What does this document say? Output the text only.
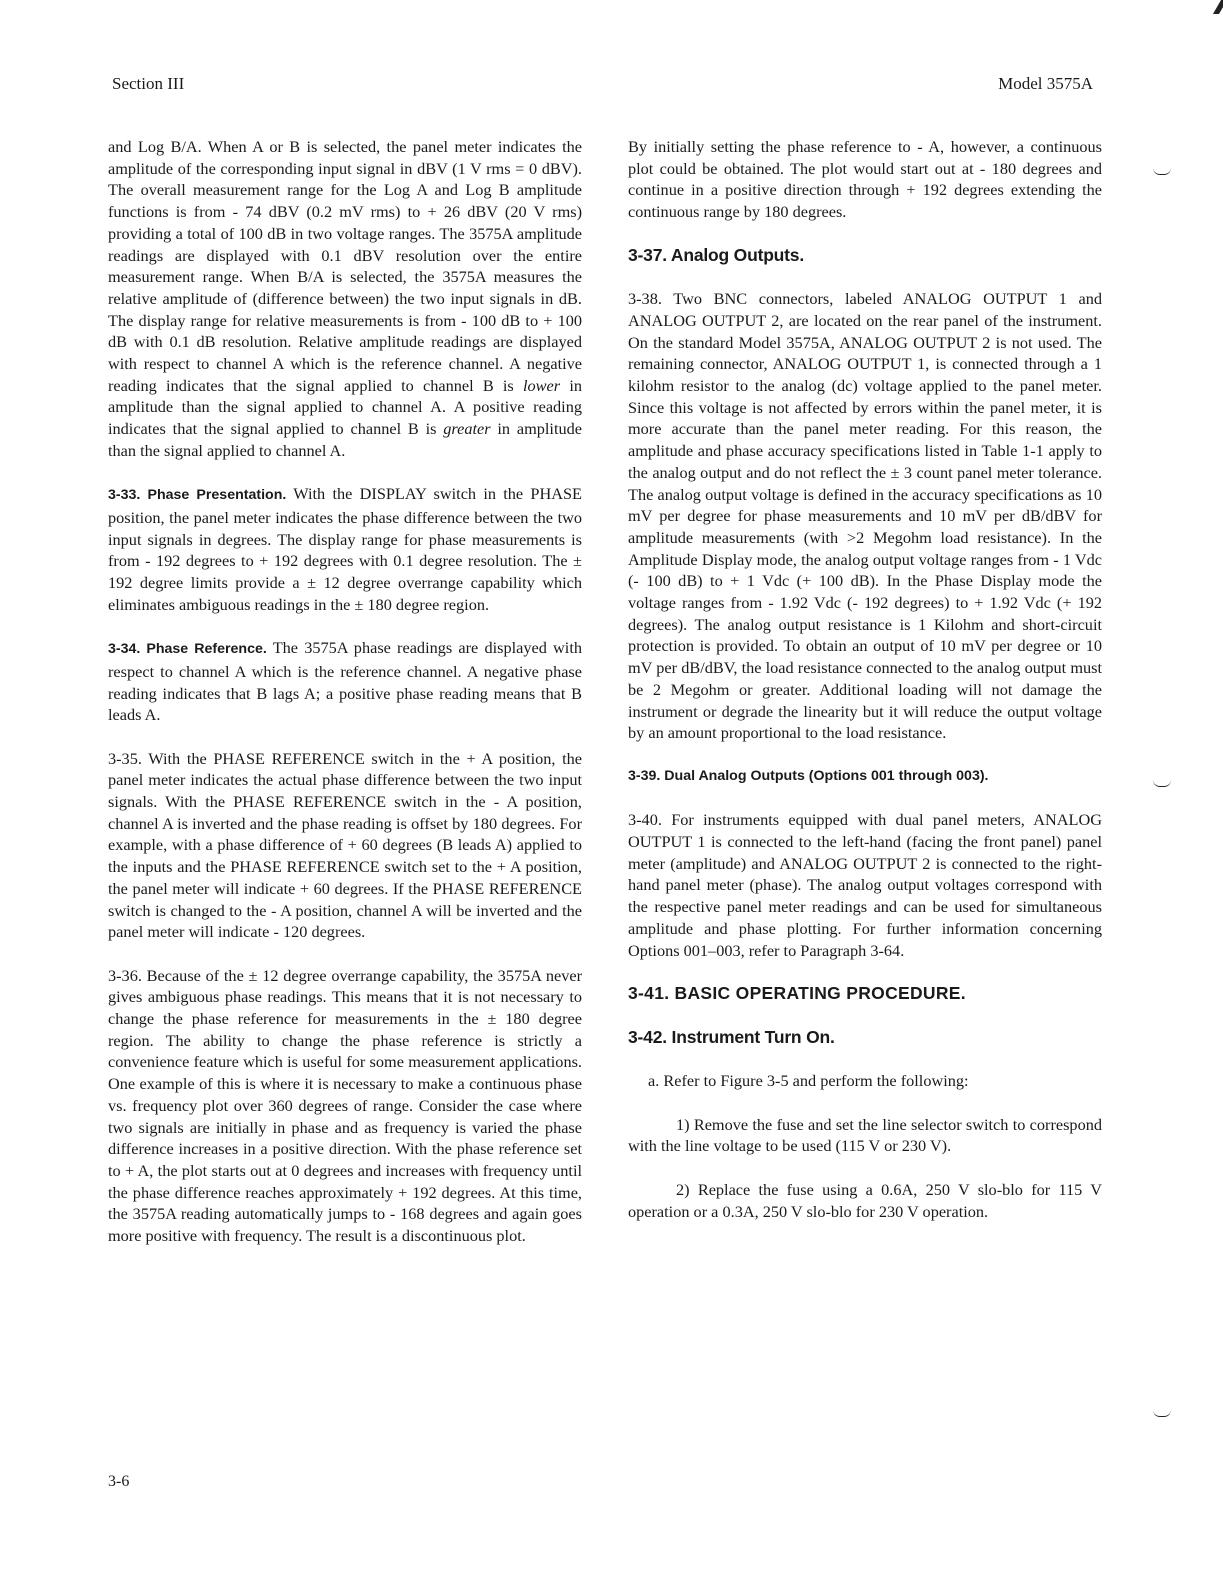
Section III	Model 3575A

and Log B/A. When A or B is selected, the panel meter indicates the amplitude of the corresponding input signal in dBV (1 V rms = 0 dBV). The overall measurement range for the Log A and Log B amplitude functions is from - 74 dBV (0.2 mV rms) to + 26 dBV (20 V rms) providing a total of 100 dB in two voltage ranges. The 3575A amplitude readings are displayed with 0.1 dBV resolution over the entire measurement range. When B/A is selected, the 3575A measures the relative amplitude of (difference between) the two input signals in dB. The display range for relative measurements is from - 100 dB to + 100 dB with 0.1 dB resolution. Relative amplitude readings are displayed with respect to channel A which is the reference channel. A negative reading indicates that the signal applied to channel B is lower in amplitude than the signal applied to channel A. A positive reading indicates that the signal applied to channel B is greater in amplitude than the signal applied to channel A.

3-33. Phase Presentation. With the DISPLAY switch in the PHASE position, the panel meter indicates the phase difference between the two input signals in degrees. The display range for phase measurements is from - 192 degrees to + 192 degrees with 0.1 degree resolution. The ± 192 degree limits provide a ± 12 degree overrange capability which eliminates ambiguous readings in the ± 180 degree region.

3-34. Phase Reference. The 3575A phase readings are displayed with respect to channel A which is the reference channel. A negative phase reading indicates that B lags A; a positive phase reading means that B leads A.

3-35. With the PHASE REFERENCE switch in the + A position, the panel meter indicates the actual phase difference between the two input signals. With the PHASE REFERENCE switch in the - A position, channel A is inverted and the phase reading is offset by 180 degrees. For example, with a phase difference of + 60 degrees (B leads A) applied to the inputs and the PHASE REFERENCE switch set to the + A position, the panel meter will indicate + 60 degrees. If the PHASE REFERENCE switch is changed to the - A position, channel A will be inverted and the panel meter will indicate - 120 degrees.

3-36. Because of the ± 12 degree overrange capability, the 3575A never gives ambiguous phase readings. This means that it is not necessary to change the phase reference for measurements in the ± 180 degree region. The ability to change the phase reference is strictly a convenience feature which is useful for some measurement applications. One example of this is where it is necessary to make a continuous phase vs. frequency plot over 360 degrees of range. Consider the case where two signals are initially in phase and as frequency is varied the phase difference increases in a positive direction. With the phase reference set to + A, the plot starts out at 0 degrees and increases with frequency until the phase difference reaches approximately + 192 degrees. At this time, the 3575A reading automatically jumps to - 168 degrees and again goes more positive with frequency. The result is a discontinuous plot.

By initially setting the phase reference to - A, however, a continuous plot could be obtained. The plot would start out at - 180 degrees and continue in a positive direction through + 192 degrees extending the continuous range by 180 degrees.

3-37. Analog Outputs.

3-38. Two BNC connectors, labeled ANALOG OUTPUT 1 and ANALOG OUTPUT 2, are located on the rear panel of the instrument. On the standard Model 3575A, ANALOG OUTPUT 2 is not used. The remaining connector, ANALOG OUTPUT 1, is connected through a 1 kilohm resistor to the analog (dc) voltage applied to the panel meter. Since this voltage is not affected by errors within the panel meter, it is more accurate than the panel meter reading. For this reason, the amplitude and phase accuracy specifications listed in Table 1-1 apply to the analog output and do not reflect the ± 3 count panel meter tolerance. The analog output voltage is defined in the accuracy specifications as 10 mV per degree for phase measurements and 10 mV per dB/dBV for amplitude measurements (with >2 Megohm load resistance). In the Amplitude Display mode, the analog output voltage ranges from - 1 Vdc (- 100 dB) to + 1 Vdc (+ 100 dB). In the Phase Display mode the voltage ranges from - 1.92 Vdc (- 192 degrees) to + 1.92 Vdc (+ 192 degrees). The analog output resistance is 1 Kilohm and short-circuit protection is provided. To obtain an output of 10 mV per degree or 10 mV per dB/dBV, the load resistance connected to the analog output must be 2 Megohm or greater. Additional loading will not damage the instrument or degrade the linearity but it will reduce the output voltage by an amount proportional to the load resistance.

3-39. Dual Analog Outputs (Options 001 through 003).

3-40. For instruments equipped with dual panel meters, ANALOG OUTPUT 1 is connected to the left-hand (facing the front panel) panel meter (amplitude) and ANALOG OUTPUT 2 is connected to the right-hand panel meter (phase). The analog output voltages correspond with the respective panel meter readings and can be used for simultaneous amplitude and phase plotting. For further information concerning Options 001–003, refer to Paragraph 3-64.

3-41. BASIC OPERATING PROCEDURE.
3-42. Instrument Turn On.

a. Refer to Figure 3-5 and perform the following:

1) Remove the fuse and set the line selector switch to correspond with the line voltage to be used (115 V or 230 V).

2) Replace the fuse using a 0.6A, 250 V slo-blo for 115 V operation or a 0.3A, 250 V slo-blo for 230 V operation.

3-6
